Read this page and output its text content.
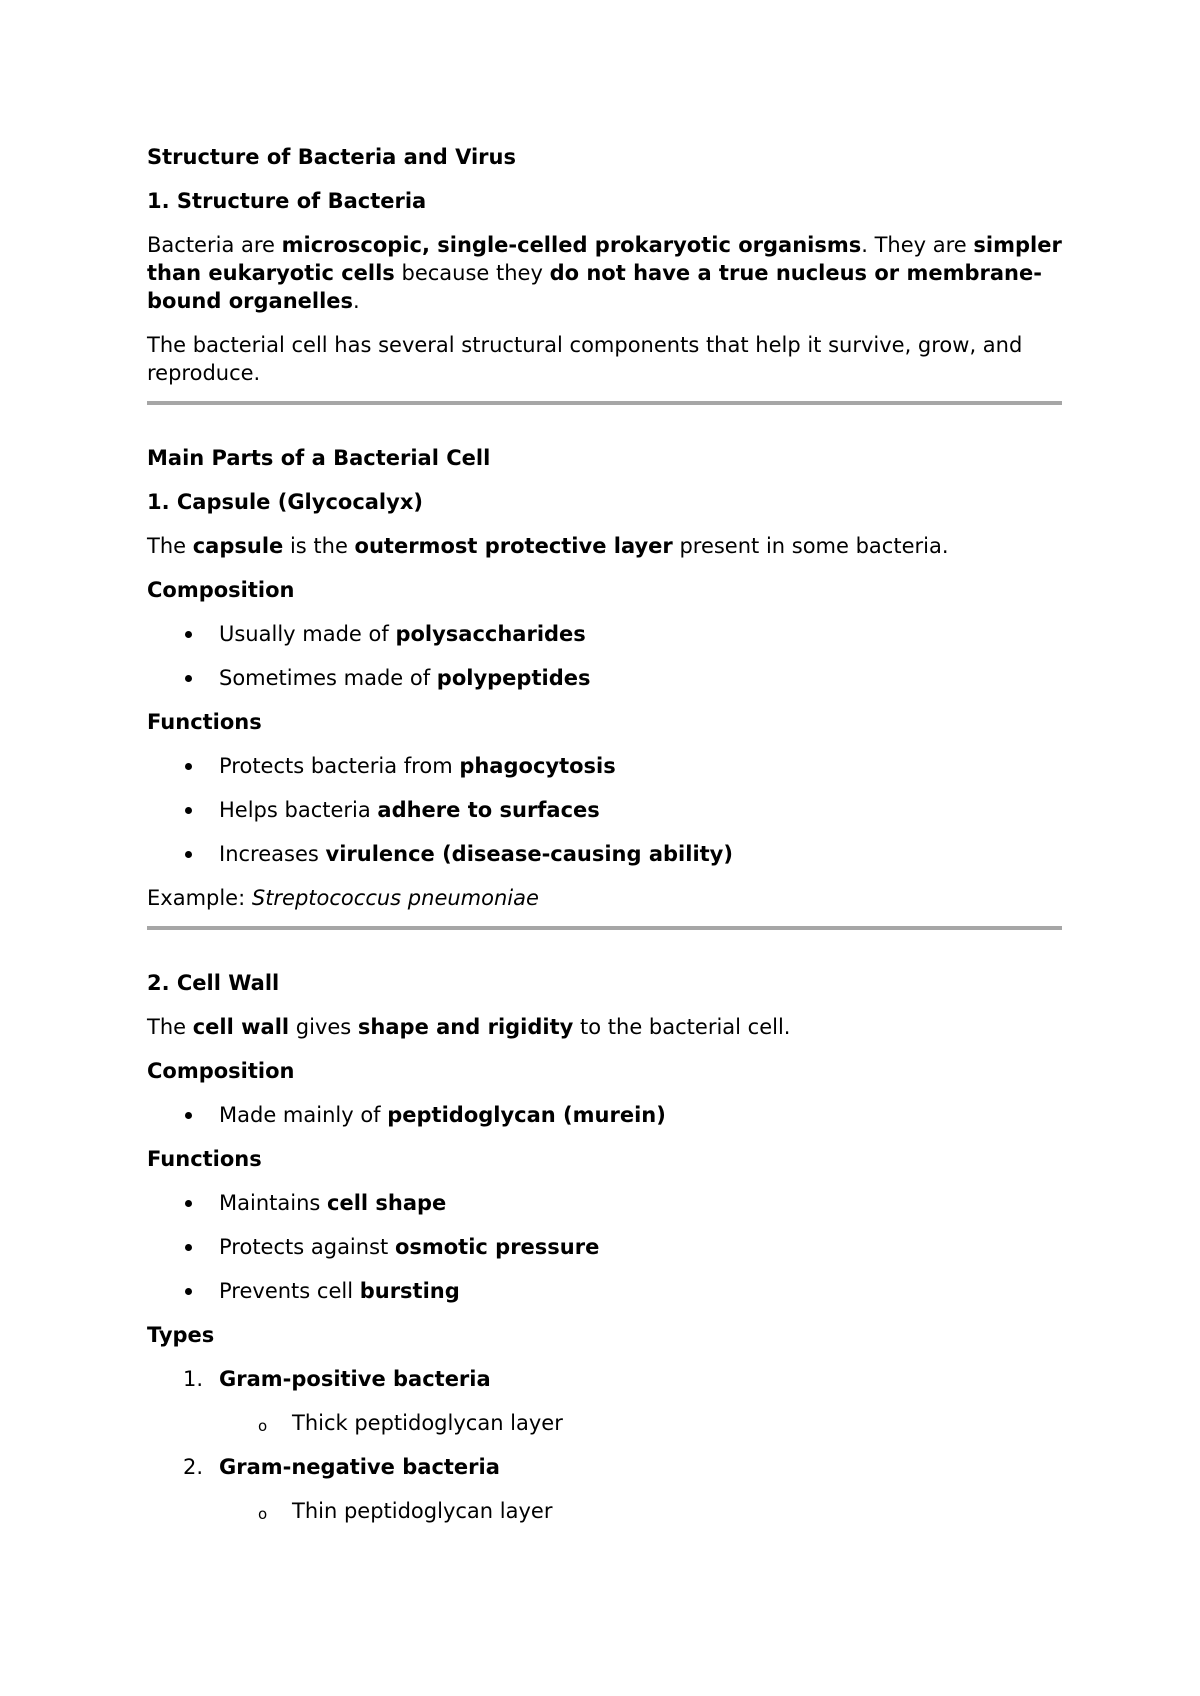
Structure of Bacteria and Virus

1. Structure of Bacteria

Bacteria are microscopic, single-celled prokaryotic organisms. They are simpler than eukaryotic cells because they do not have a true nucleus or membrane-bound organelles.

The bacterial cell has several structural components that help it survive, grow, and reproduce.

Main Parts of a Bacterial Cell

1. Capsule (Glycocalyx)

The capsule is the outermost protective layer present in some bacteria.

Composition

Usually made of polysaccharides

Sometimes made of polypeptides

Functions

Protects bacteria from phagocytosis

Helps bacteria adhere to surfaces

Increases virulence (disease-causing ability)

Example: Streptococcus pneumoniae

2. Cell Wall

The cell wall gives shape and rigidity to the bacterial cell.

Composition

Made mainly of peptidoglycan (murein)

Functions

Maintains cell shape

Protects against osmotic pressure

Prevents cell bursting

Types

1. Gram-positive bacteria

o Thick peptidoglycan layer

2. Gram-negative bacteria

o Thin peptidoglycan layer
